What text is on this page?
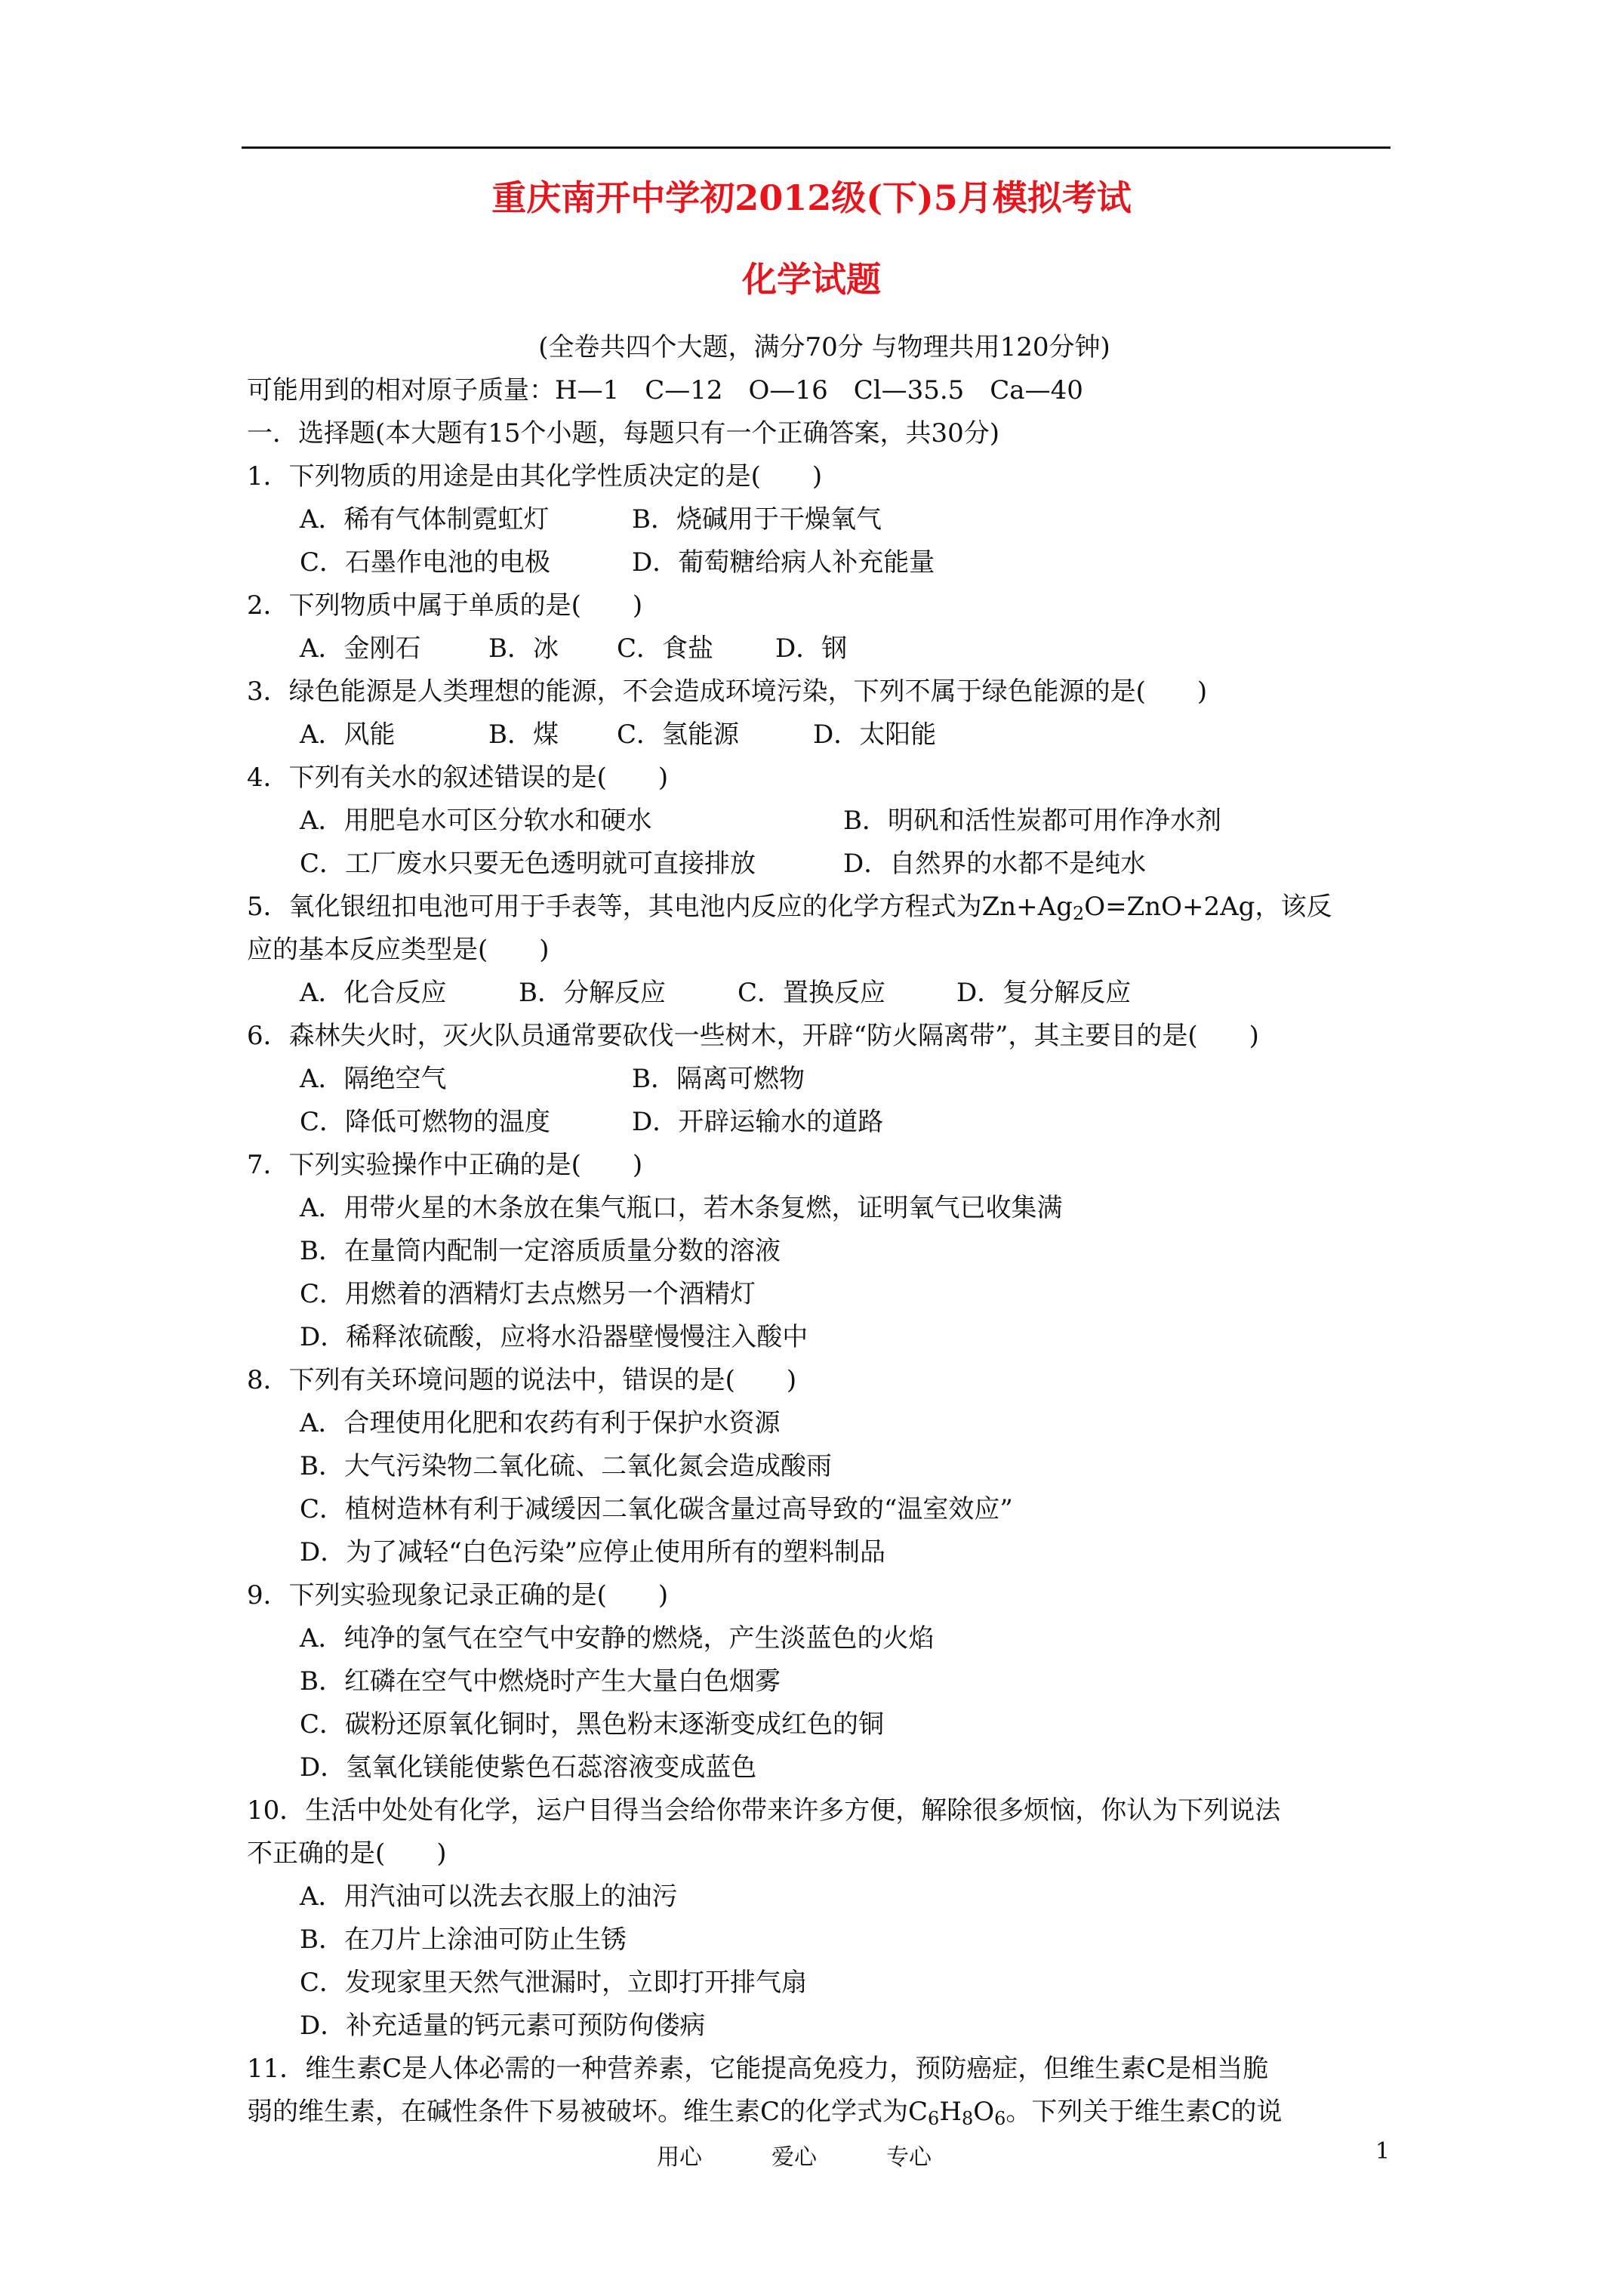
重庆南开中学初2012级(下)5月模拟考试
化学试题
(全卷共四个大题，满分70分 与物理共用120分钟)
可能用到的相对原子质量：H—1　C—12　O—16　Cl—35.5　Ca—40
一．选择题(本大题有15个小题，每题只有一个正确答案，共30分)
1．下列物质的用途是由其化学性质决定的是(　　)
A．稀有气体制霓虹灯	B．烧碱用于干燥氧气
C．石墨作电池的电极	D．葡萄糖给病人补充能量
2．下列物质中属于单质的是(　　)
A．金刚石	B．冰 C．食盐 D．钢
3．绿色能源是人类理想的能源，不会造成环境污染，下列不属于绿色能源的是(　　)
A．风能	B．煤 C．氢能源	D．太阳能
4．下列有关水的叙述错误的是(　　)
A．用肥皂水可区分软水和硬水	B．明矾和活性炭都可用作净水剂
C．工厂废水只要无色透明就可直接排放	D．自然界的水都不是纯水
5．氧化银纽扣电池可用于手表等，其电池内反应的化学方程式为$Zn+Ag_2O=ZnO+2Ag$，该反
应的基本反应类型是(　　)
A．化合反应	B．分解反应	C．置换反应	D．复分解反应
6．森林失火时，灭火队员通常要砍伐一些树木，开辟“防火隔离带”，其主要目的是(　　)
A．隔绝空气	B．隔离可燃物
C．降低可燃物的温度	D．开辟运输水的道路
7．下列实验操作中正确的是(　　)
A．用带火星的木条放在集气瓶口，若木条复燃，证明氧气已收集满
B．在量筒内配制一定溶质质量分数的溶液
C．用燃着的酒精灯去点燃另一个酒精灯
D．稀释浓硫酸，应将水沿器壁慢慢注入酸中
8．下列有关环境问题的说法中，错误的是(　　)
A．合理使用化肥和农药有利于保护水资源
B．大气污染物二氧化硫、二氧化氮会造成酸雨
C．植树造林有利于减缓因二氧化碳含量过高导致的“温室效应”
D．为了减轻“白色污染”应停止使用所有的塑料制品
9．下列实验现象记录正确的是(　　)
A．纯净的氢气在空气中安静的燃烧，产生淡蓝色的火焰
B．红磷在空气中燃烧时产生大量白色烟雾
C．碳粉还原氧化铜时，黑色粉末逐渐变成红色的铜
D．氢氧化镁能使紫色石蕊溶液变成蓝色
10．生活中处处有化学，运户目得当会给你带来许多方便，解除很多烦恼，你认为下列说法
不正确的是(　　)
A．用汽油可以洗去衣服上的油污
B．在刀片上涂油可防止生锈
C．发现家里天然气泄漏时，立即打开排气扇
D．补充适量的钙元素可预防佝偻病
11．维生素C是人体必需的一种营养素，它能提高免疫力，预防癌症，但维生素C是相当脆
弱的维生素，在碱性条件下易被破坏。维生素C的化学式为$C_6H_8O_6$。下列关于维生素C的说
用心	爱心	专心	1
